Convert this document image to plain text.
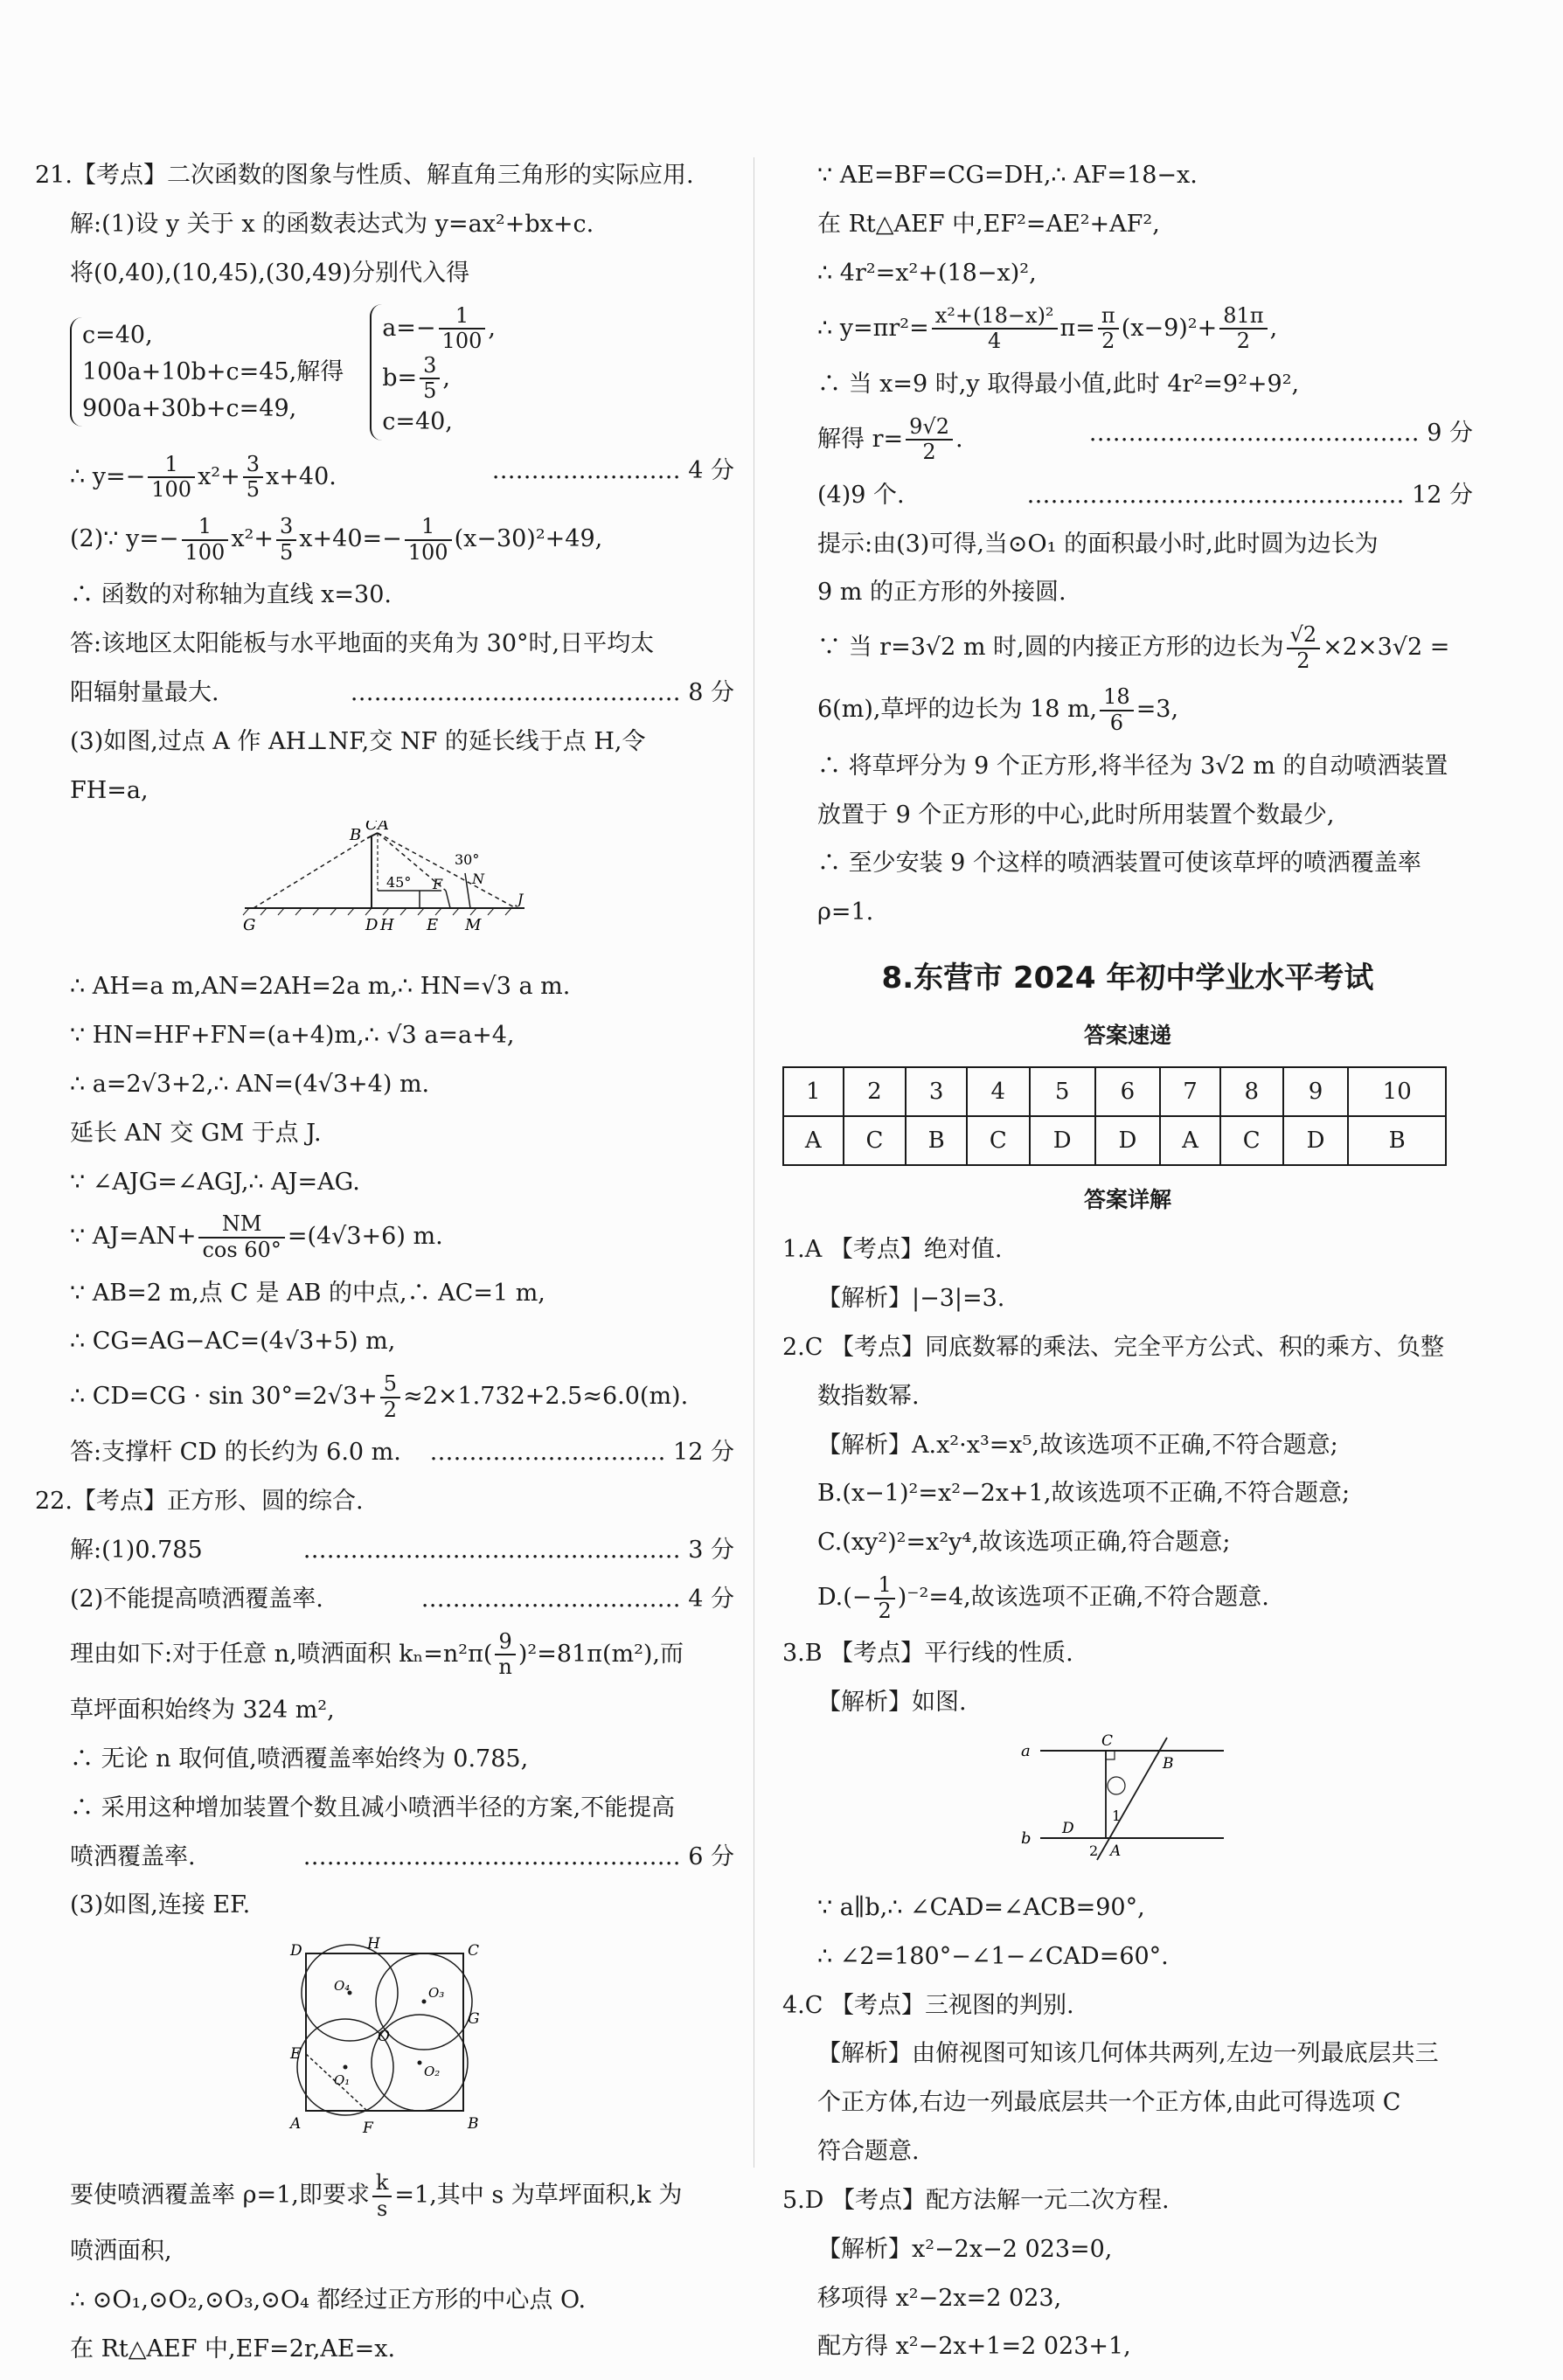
21.【考点】二次函数的图象与性质、解直角三角形的实际应用.
解:(1)设 y 关于 x 的函数表达式为 y=ax²+bx+c.
将(0,40),(10,45),(30,49)分别代入得
c=40,
100a+10b+c=45,解得
900a+30b+c=49,
$a=- \frac{1}{100}$ ,
$b= \frac{3}{5}$ ,
c=40,
∴ $y=- \frac{1}{100} x^2+ \frac{3}{5} x+40$.	…………………… 4 分
(2)∵ $y=- \frac{1}{100} x^2+ \frac{3}{5} x+40=- \frac{1}{100} (x-30)^2+49$,
∴ 函数的对称轴为直线 x=30.
答:该地区太阳能板与水平地面的夹角为 30°时,日平均太
阳辐射量最大.	…………………………………… 8 分
(3)如图,过点 A 作 AH⊥NF,交 NF 的延长线于点 H,令
FH=a,
B
C A
G	D H E M
F N
J
45°
30°
∴ AH=a m,AN=2AH=2a m,∴ HN=√3 a m.
∵ HN=HF+FN=(a+4)m,∴ √3 a=a+4,
∴ a=2√3+2,∴ AN=(4√3+4) m.
延长 AN 交 GM 于点 J.
∵ ∠AJG=∠AGJ,∴ AJ=AG.
∵ $AJ=AN+ \frac{NM}{\cos 60^\circ} =(4√3+6)$ m.
∵ AB=2 m,点 C 是 AB 的中点,∴ AC=1 m,
∴ CG=AG−AC=(4√3+5) m,
∴ $CD=CG \cdot \sin 30^\circ=2√3+ \frac{5}{2} \approx 2\times 1.732+2.5\approx 6.0(m)$.
答:支撑杆 CD 的长约为 6.0 m. ………………………… 12 分
22.【考点】正方形、圆的综合.
解:(1)0.785	………………………………………… 3 分
(2)不能提高喷洒覆盖率.	…………………………… 4 分
理由如下:对于任意 n,喷洒面积 $k_n=n^2\pi( \frac{9}{n} )^2=81\pi(m^2)$,而
草坪面积始终为 324 m²,
∴ 无论 n 取何值,喷洒覆盖率始终为 0.785,
∴ 采用这种增加装置个数且减小喷洒半径的方案,不能提高
喷洒覆盖率.	………………………………………… 6 分
(3)如图,连接 EF.
D	H	C
O₄	O₃
G
E
O
O₁
O₂
A	F	B
要使喷洒覆盖率 ρ=1,即要求 $\frac{k}{s} =1$,其中 s 为草坪面积,k 为
喷洒面积,
∴ ⊙O₁,⊙O₂,⊙O₃,⊙O₄ 都经过正方形的中心点 O.
在 Rt△AEF 中,EF=2r,AE=x.
∵ AE=BF=CG=DH,∴ AF=18−x.
在 Rt△AEF 中,EF²=AE²+AF²,
∴ 4r²=x²+(18−x)²,
∴ $y=\pi r^2= \frac{\text{x²+(18−x)²}}{4} \pi= \frac{\pi}{2} (x-9)^2+ \frac{81\pi}{2}$ ,
∴ 当 x=9 时,y 取得最小值,此时 4r²=9²+9²,
解得 $r= \frac{9√2}{2}$ .	…………………………………… 9 分
(4)9 个.	………………………………………… 12 分
提示:由(3)可得,当⊙O₁ 的面积最小时,此时圆为边长为
9 m 的正方形的外接圆.
∵ 当 r=3√2 m 时,圆的内接正方形的边长为 $\frac{√2}{2} \times 2\times 3√2$ =
6(m),草坪的边长为 18 m, $\frac{18}{6} =3$,
∴ 将草坪分为 9 个正方形,将半径为 3√2 m 的自动喷洒装置
放置于 9 个正方形的中心,此时所用装置个数最少,
∴ 至少安装 9 个这样的喷洒装置可使该草坪的喷洒覆盖率
ρ=1.
8.东营市 2024 年初中学业水平考试
答案速递
1	2	3	4	5	6	7	8	9	10
A	C	B	C	D	D	A	C	D	B
答案详解
1.A 【考点】绝对值.
【解析】|−3|=3.
2.C 【考点】同底数幂的乘法、完全平方公式、积的乘方、负整
数指数幂.
【解析】A.x²·x³=x⁵,故该选项不正确,不符合题意;
B.(x−1)²=x²−2x+1,故该选项不正确,不符合题意;
C.(xy²)²=x²y⁴,故该选项正确,符合题意;
$D.(- \frac{1}{2} )^{-2}=4$,故该选项不正确,不符合题意.
3.B 【考点】平行线的性质.
【解析】如图.
a
b
C
B
D
A
1
2
∵ a∥b,∴ ∠CAD=∠ACB=90°,
∴ ∠2=180°−∠1−∠CAD=60°.
4.C 【考点】三视图的判别.
【解析】由俯视图可知该几何体共两列,左边一列最底层共三
个正方体,右边一列最底层共一个正方体,由此可得选项 C
符合题意.
5.D 【考点】配方法解一元二次方程.
【解析】x²−2x−2 023=0,
移项得 x²−2x=2 023,
配方得 x²−2x+1=2 023+1,
